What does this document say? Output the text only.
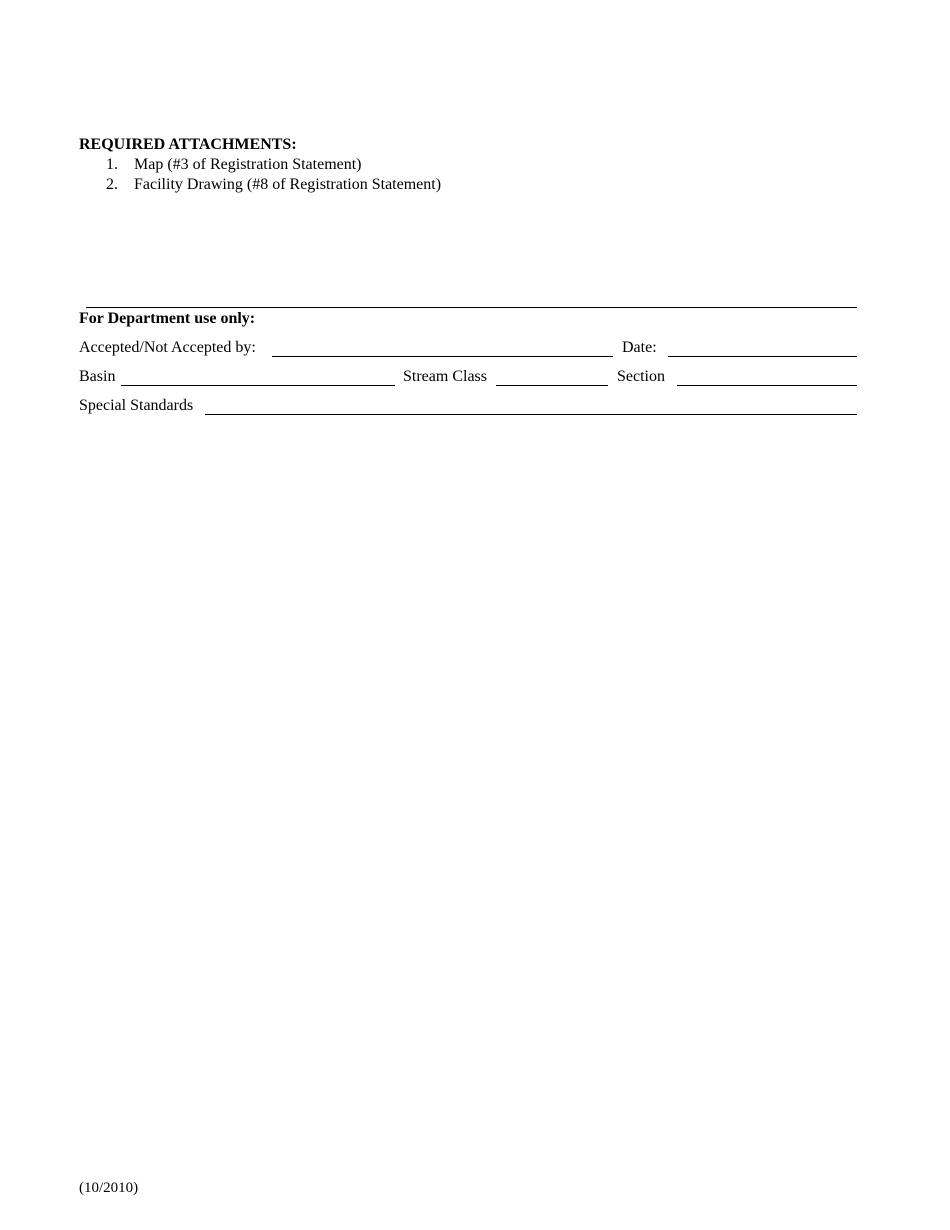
REQUIRED ATTACHMENTS:
1. Map (#3 of Registration Statement)
2. Facility Drawing (#8 of Registration Statement)
For Department use only:
Accepted/Not Accepted by:	Date:
Basin	Stream Class	Section
Special Standards
(10/2010)
